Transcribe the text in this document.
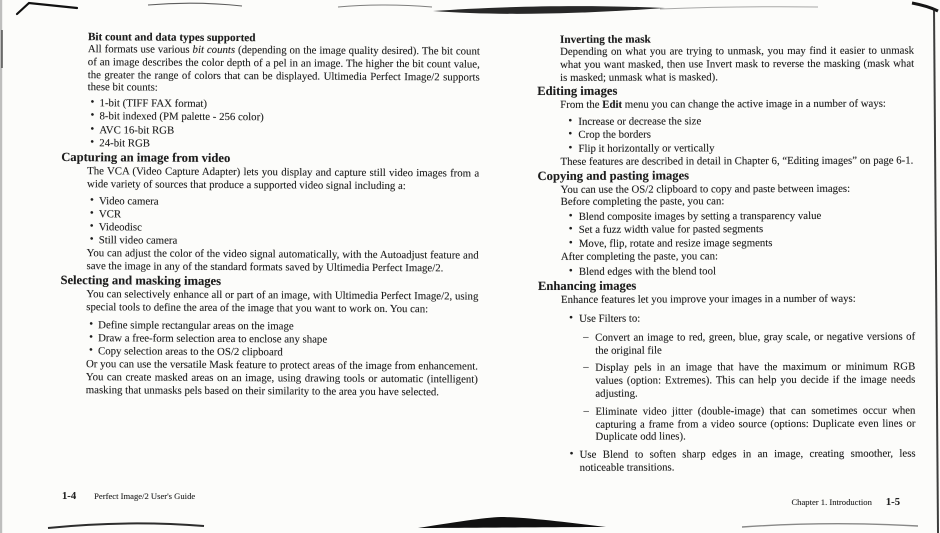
Bit count and data types supported

All formats use various bit counts (depending on the image quality desired). The bit count of an image describes the color depth of a pel in an image. The higher the bit count value, the greater the range of colors that can be displayed. Ultimedia Perfect Image/2 supports these bit counts:

• 1-bit (TIFF FAX format)
• 8-bit indexed (PM palette - 256 color)
• AVC 16-bit RGB
• 24-bit RGB
Capturing an image from video

The VCA (Video Capture Adapter) lets you display and capture still video images from a wide variety of sources that produce a supported video signal including a:

• Video camera
• VCR
• Videodisc
• Still video camera

You can adjust the color of the video signal automatically, with the Autoadjust feature and save the image in any of the standard formats saved by Ultimedia Perfect Image/2.

Selecting and masking images

You can selectively enhance all or part of an image, with Ultimedia Perfect Image/2, using special tools to define the area of the image that you want to work on. You can:

• Define simple rectangular areas on the image
• Draw a free-form selection area to enclose any shape
• Copy selection areas to the OS/2 clipboard

Or you can use the versatile Mask feature to protect areas of the image from enhancement. You can create masked areas on an image, using drawing tools or automatic (intelligent) masking that unmasks pels based on their similarity to the area you have selected.

Inverting the mask

Depending on what you are trying to unmask, you may find it easier to unmask what you want masked, then use Invert mask to reverse the masking (mask what is masked; unmask what is masked).

Editing images

From the Edit menu you can change the active image in a number of ways:

• Increase or decrease the size
• Crop the borders
• Flip it horizontally or vertically

These features are described in detail in Chapter 6, “Editing images” on page 6-1.

Copying and pasting images

You can use the OS/2 clipboard to copy and paste between images:

Before completing the paste, you can:

• Blend composite images by setting a transparency value
• Set a fuzz width value for pasted segments
• Move, flip, rotate and resize image segments

After completing the paste, you can:

• Blend edges with the blend tool
Enhancing images

Enhance features let you improve your images in a number of ways:

• Use Filters to:
– Convert an image to red, green, blue, gray scale, or negative versions of the original file
– Display pels in an image that have the maximum or minimum RGB values (option: Extremes). This can help you decide if the image needs adjusting.
– Eliminate video jitter (double-image) that can sometimes occur when capturing a frame from a video source (options: Duplicate even lines or Duplicate odd lines).
• Use Blend to soften sharp edges in an image, creating smoother, less noticeable transitions.
1-4 Perfect Image/2 User's Guide
Chapter 1. Introduction 1-5
